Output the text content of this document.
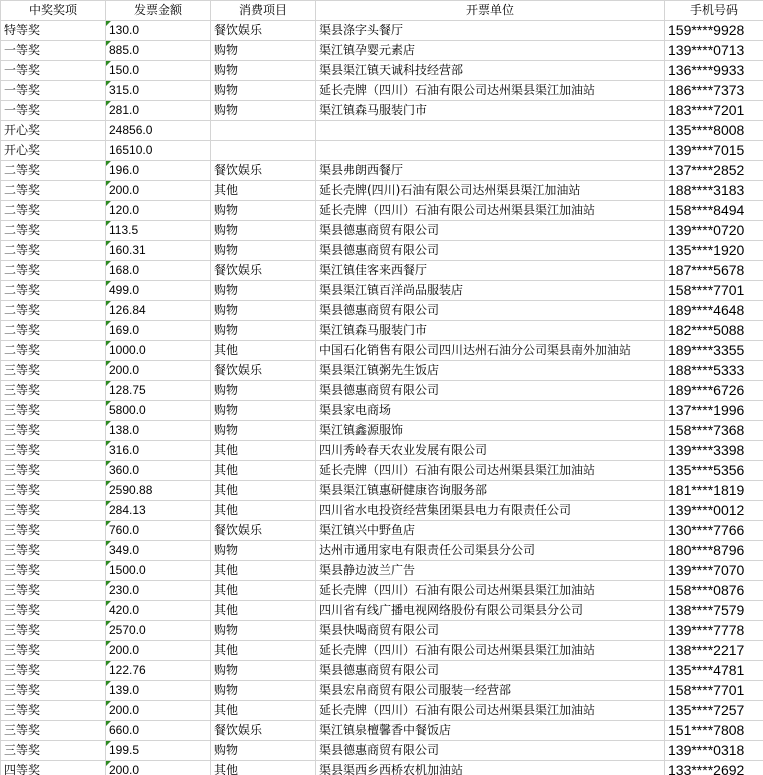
中奖奖项	发票金额	消费项目	开票单位	手机号码
特等奖	130.0	餐饮娱乐	渠县涤字头餐厅	159****9928
一等奖	885.0	购物	渠江镇孕婴元素店	139****0713
一等奖	150.0	购物	渠县渠江镇天诚科技经营部	136****9933
一等奖	315.0	购物	延长壳牌（四川）石油有限公司达州渠县渠江加油站	186****7373
一等奖	281.0	购物	渠江镇森马服装门市	183****7201
开心奖	24856.0			135****8008
开心奖	16510.0			139****7015
二等奖	196.0	餐饮娱乐	渠县弗朗西餐厅	137****2852
二等奖	200.0	其他	延长壳牌(四川)石油有限公司达州渠县渠江加油站	188****3183
二等奖	120.0	购物	延长壳牌（四川）石油有限公司达州渠县渠江加油站	158****8494
二等奖	113.5	购物	渠县德惠商贸有限公司	139****0720
二等奖	160.31	购物	渠县德惠商贸有限公司	135****1920
二等奖	168.0	餐饮娱乐	渠江镇佳客来西餐厅	187****5678
二等奖	499.0	购物	渠县渠江镇百洋尚品服装店	158****7701
二等奖	126.84	购物	渠县德惠商贸有限公司	189****4648
二等奖	169.0	购物	渠江镇森马服装门市	182****5088
二等奖	1000.0	其他	中国石化销售有限公司四川达州石油分公司渠县南外加油站	189****3355
三等奖	200.0	餐饮娱乐	渠县渠江镇粥先生饭店	188****5333
三等奖	128.75	购物	渠县德惠商贸有限公司	189****6726
三等奖	5800.0	购物	渠县家电商场	137****1996
三等奖	138.0	购物	渠江镇鑫源服饰	158****7368
三等奖	316.0	其他	四川秀岭春天农业发展有限公司	139****3398
三等奖	360.0	其他	延长壳牌（四川）石油有限公司达州渠县渠江加油站	135****5356
三等奖	2590.88	其他	渠县渠江镇惠研健康咨询服务部	181****1819
三等奖	284.13	其他	四川省水电投资经营集团渠县电力有限责任公司	139****0012
三等奖	760.0	餐饮娱乐	渠江镇兴中野鱼店	130****7766
三等奖	349.0	购物	达州市通用家电有限责任公司渠县分公司	180****8796
三等奖	1500.0	其他	渠县静边波兰广告	139****7070
三等奖	230.0	其他	延长壳牌（四川）石油有限公司达州渠县渠江加油站	158****0876
三等奖	420.0	其他	四川省有线广播电视网络股份有限公司渠县分公司	138****7579
三等奖	2570.0	购物	渠县快喝商贸有限公司	139****7778
三等奖	200.0	其他	延长壳牌（四川）石油有限公司达州渠县渠江加油站	138****2217
三等奖	122.76	购物	渠县德惠商贸有限公司	135****4781
三等奖	139.0	购物	渠县宏帛商贸有限公司服装一经营部	158****7701
三等奖	200.0	其他	延长壳牌（四川）石油有限公司达州渠县渠江加油站	135****7257
三等奖	660.0	餐饮娱乐	渠江镇泉檀馨香中餐饭店	151****7808
三等奖	199.5	购物	渠县德惠商贸有限公司	139****0318
四等奖	200.0	其他	渠县渠西乡西桥农机加油站	133****2692
